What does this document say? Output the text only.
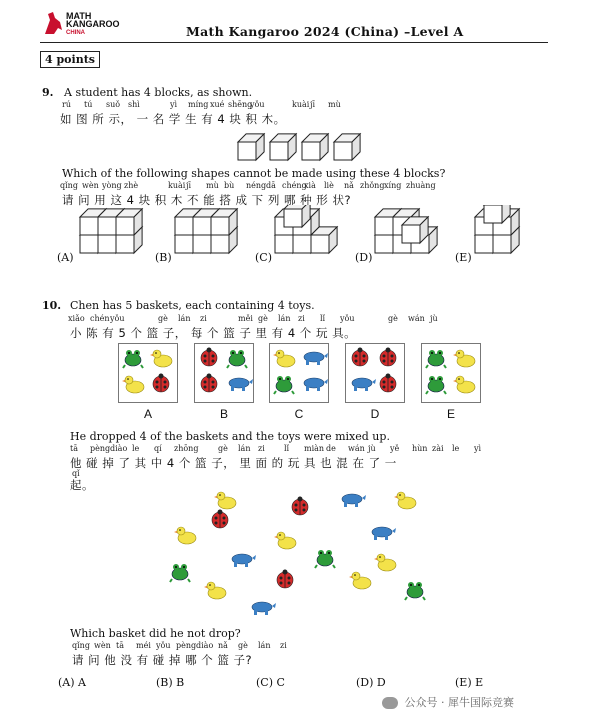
MATH
KANGAROO
CHINA	Math Kangaroo 2024 (China) –Level A
4 points
9. A student has 4 blocks, as shown.
rú tú suǒ shì	yì míng xué shēng
yǒu	kuài jī mù
如 图 所 示， 一 名 学 生 有 4 块 积 木。
Which of the following shapes cannot be made using these 4 blocks?
qǐng wèn yòng zhè	kuài jī mù bù néng dā chéng
xià liè nǎ zhǒng xíng zhuàng
请 问 用 这 4 块 积 木 不 能 搭 成 下 列 哪 种 形 状?
(A)	(B)	(C)	(D)	(E)
10. Chen has 5 baskets, each containing 4 toys.
xiǎo chén yǒu	gè lán zi	měi gè lán zi lǐ yǒu	gè wán jù
小 陈 有 5 个 篮 子， 每 个 篮 子 里 有 4 个 玩 具。
A	B	C	D	E
He dropped 4 of the baskets and the toys were mixed up.
tā pèng diào le qí zhōng gè lán zi lǐ miàn de wán jù yě hùn zài le yì
他 碰 掉 了 其 中 4 个 篮 子， 里 面 的 玩 具 也 混 在 了 一
qǐ
起。
Which basket did he not drop?
qǐng wèn tā méi yǒu pèng diào nǎ gè lán zi
请 问 他 没 有 碰 掉 哪 个 篮 子?
(A) A	(B) B	(C) C	(D) D	(E) E
公众号 · 犀牛国际竞赛
